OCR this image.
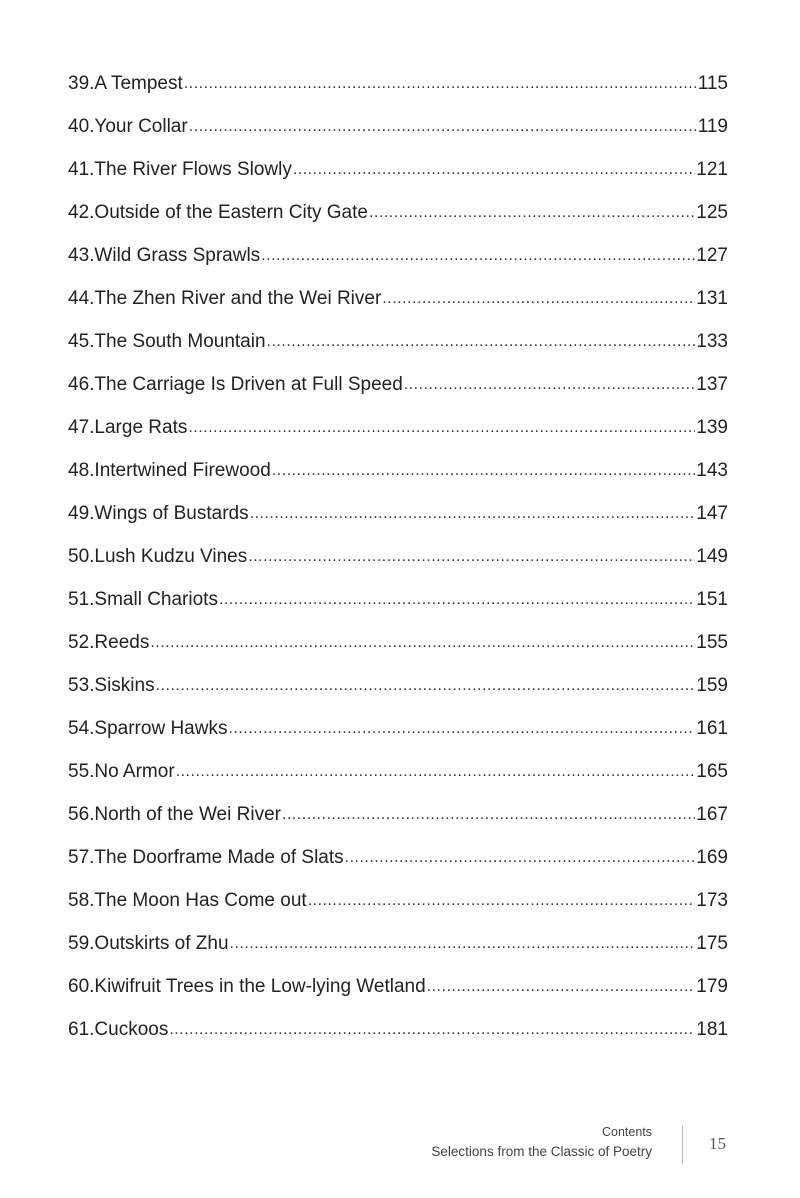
39.A Tempest .....	115
40.Your Collar .....	119
41.The River Flows Slowly .....	121
42.Outside of the Eastern City Gate .....	125
43.Wild Grass Sprawls .....	127
44.The Zhen River and the Wei River .....	131
45.The South Mountain .....	133
46.The Carriage Is Driven at Full Speed .....	137
47.Large Rats .....	139
48.Intertwined Firewood .....	143
49.Wings of Bustards .....	147
50.Lush Kudzu Vines .....	149
51.Small Chariots .....	151
52.Reeds .....	155
53.Siskins .....	159
54.Sparrow Hawks .....	161
55.No Armor .....	165
56.North of the Wei River .....	167
57.The Doorframe Made of Slats .....	169
58.The Moon Has Come out .....	173
59.Outskirts of Zhu .....	175
60.Kiwifruit Trees in the Low-lying Wetland .....	179
61.Cuckoos .....	181
Contents
Selections from the Classic of Poetry	15
